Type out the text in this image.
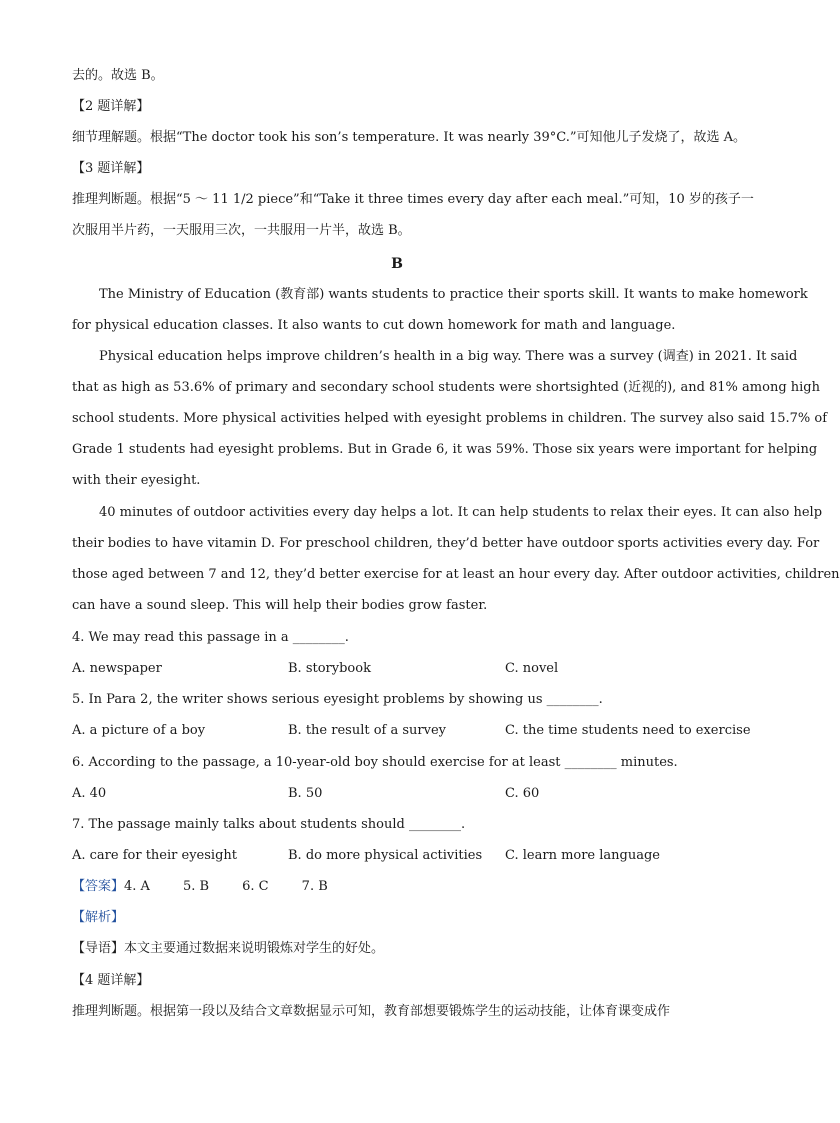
去的。故选 B。
【2 题详解】
细节理解题。根据“The doctor took his son’s temperature. It was nearly 39°C.”可知他儿子发烧了，故选 A。
【3 题详解】
推理判断题。根据“5 ～ 11 1/2 piece”和“Take it three times every day after each meal.”可知，10 岁的孩子一
次服用半片药，一天服用三次，一共服用一片半，故选 B。
B
The Ministry of Education (教育部) wants students to practice their sports skill. It wants to make homework
for physical education classes. It also wants to cut down homework for math and language.
Physical education helps improve children’s health in a big way. There was a survey (调查) in 2021. It said
that as high as 53.6% of primary and secondary school students were shortsighted (近视的), and 81% among high
school students. More physical activities helped with eyesight problems in children. The survey also said 15.7% of
Grade 1 students had eyesight problems. But in Grade 6, it was 59%. Those six years were important for helping
with their eyesight.
40 minutes of outdoor activities every day helps a lot. It can help students to relax their eyes. It can also help
their bodies to have vitamin D. For preschool children, they’d better have outdoor sports activities every day. For
those aged between 7 and 12, they’d better exercise for at least an hour every day. After outdoor activities, children
can have a sound sleep. This will help their bodies grow faster.
4. We may read this passage in a ________.
A. newspaper	B. storybook	C. novel
5. In Para 2, the writer shows serious eyesight problems by showing us ________.
A. a picture of a boy	B. the result of a survey	C. the time students need to exercise
6. According to the passage, a 10-year-old boy should exercise for at least ________ minutes.
A. 40	B. 50	C. 60
7. The passage mainly talks about students should ________.
A. care for their eyesight	B. do more physical activities C. learn more language
【答案】4. A        5. B        6. C        7. B
【解析】
【导语】本文主要通过数据来说明锻炼对学生的好处。
【4 题详解】
推理判断题。根据第一段以及结合文章数据显示可知，教育部想要锻炼学生的运动技能，让体育课变成作
